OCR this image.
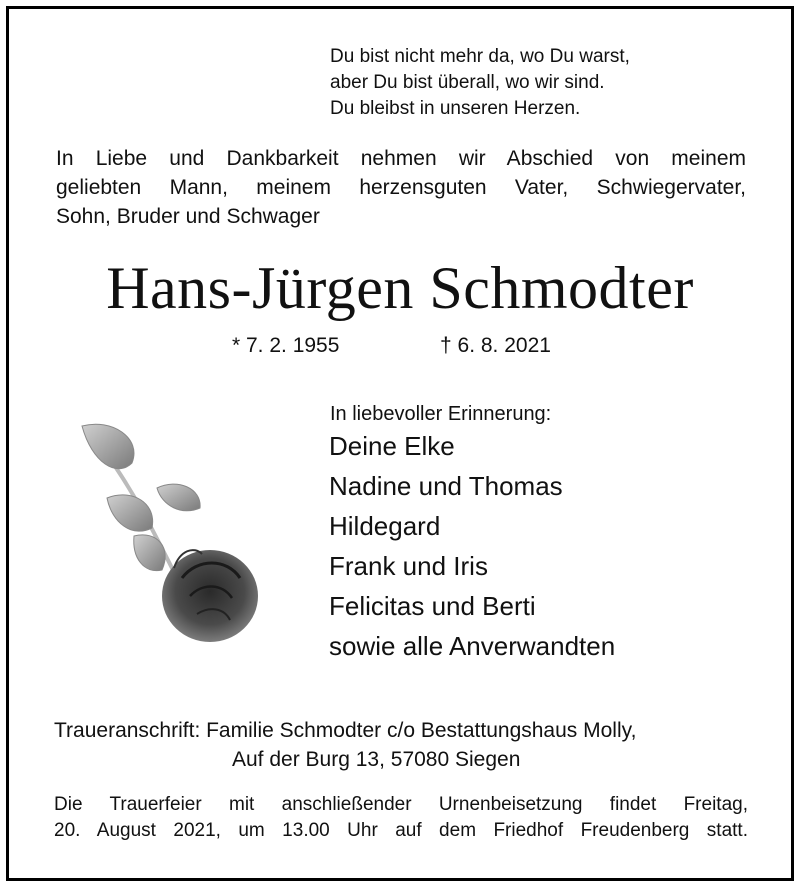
Du bist nicht mehr da, wo Du warst,
aber Du bist überall, wo wir sind.
Du bleibst in unseren Herzen.
In Liebe und Dankbarkeit nehmen wir Abschied von meinem
geliebten Mann, meinem herzensguten Vater, Schwiegervater,
Sohn, Bruder und Schwager
Hans-Jürgen Schmodter
* 7. 2. 1955	† 6. 8. 2021
In liebevoller Erinnerung:
Deine Elke
Nadine und Thomas
Hildegard
Frank und Iris
Felicitas und Berti
sowie alle Anverwandten
Traueranschrift: Familie Schmodter c/o Bestattungshaus Molly,
Auf der Burg 13, 57080 Siegen
Die Trauerfeier mit anschließender Urnenbeisetzung findet Freitag,
20. August 2021, um 13.00 Uhr auf dem Friedhof Freudenberg statt.
